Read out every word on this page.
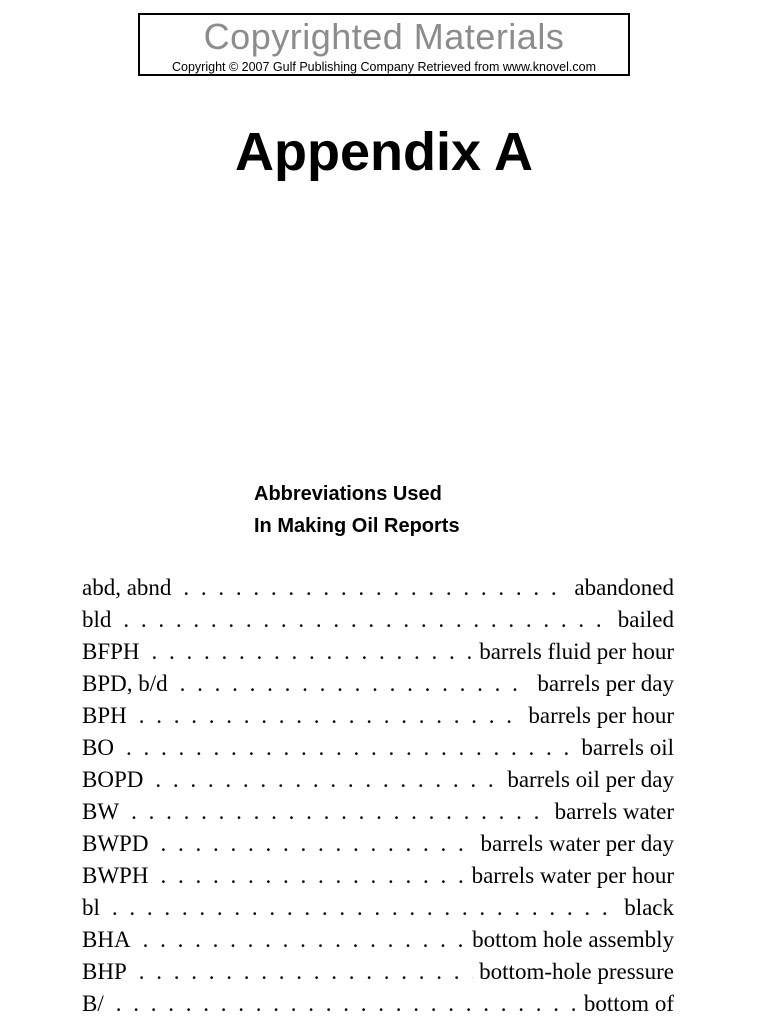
Copyrighted Materials
Copyright © 2007 Gulf Publishing Company Retrieved from www.knovel.com
Appendix A
Abbreviations Used
In Making Oil Reports
abd, abnd . . .	abandoned
bld . . .	bailed
BFPH . . .	barrels fluid per hour
BPD, b/d . . .	barrels per day
BPH . . .	barrels per hour
BO . . .	barrels oil
BOPD . . .	barrels oil per day
BW . . .	barrels water
BWPD . . .	barrels water per day
BWPH . . .	barrels water per hour
bl . . .	black
BHA . . .	bottom hole assembly
BHP . . .	bottom-hole pressure
B/ . . .	bottom of
